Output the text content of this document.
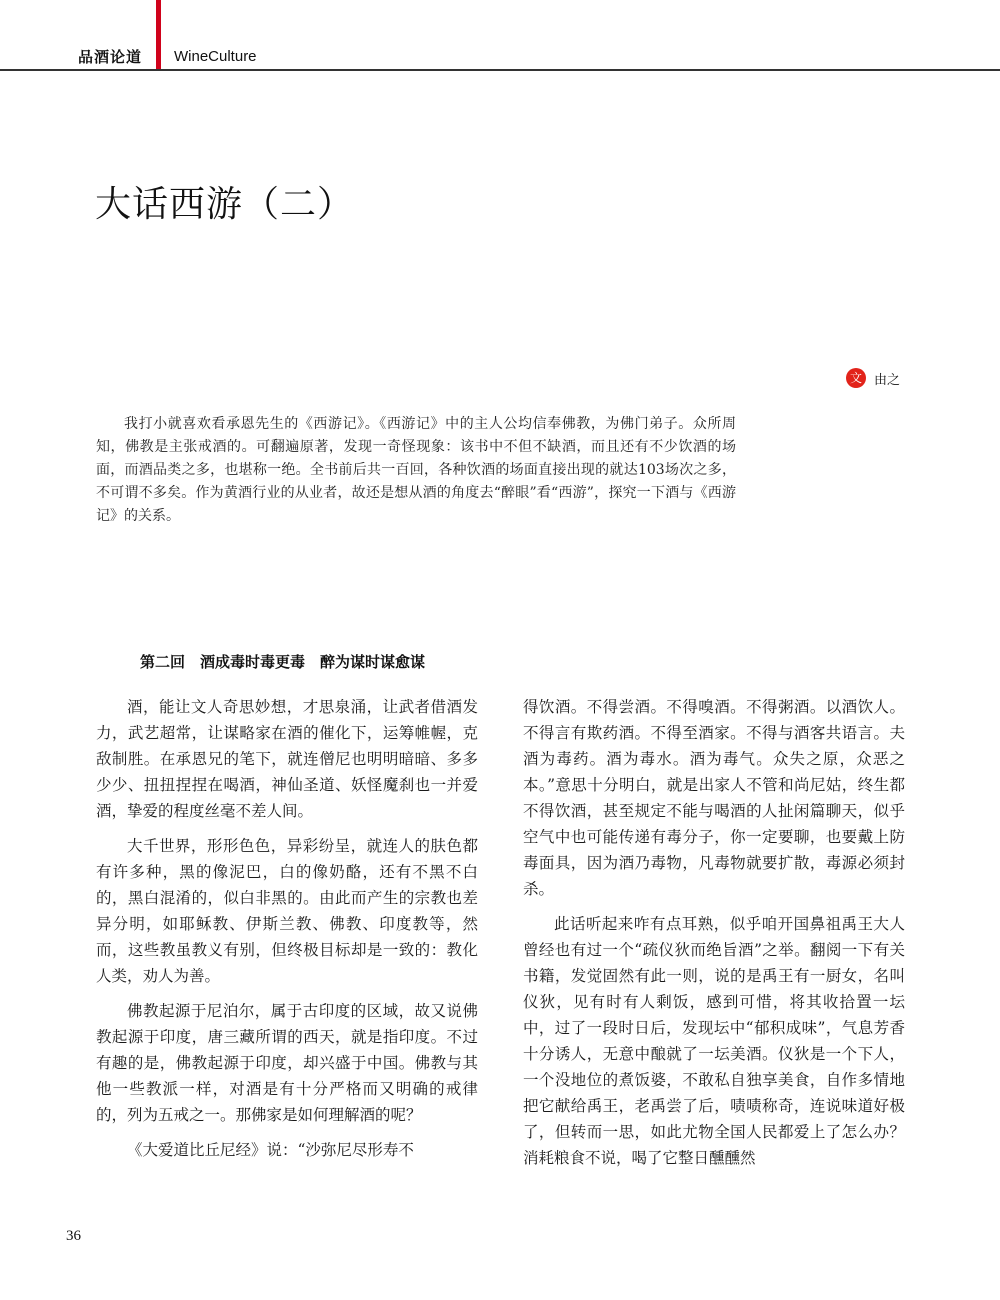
品酒论道 WineCulture
大话西游（二）
文 由之

我打小就喜欢看承恩先生的《西游记》。《西游记》中的主人公均信奉佛教，为佛门弟子。众所周知，佛教是主张戒酒的。可翻遍原著，发现一奇怪现象：该书中不但不缺酒，而且还有不少饮酒的场面，而酒品类之多，也堪称一绝。全书前后共一百回，各种饮酒的场面直接出现的就达103场次之多，不可谓不多矣。作为黄酒行业的从业者，故还是想从酒的角度去“醉眼”看“西游”，探究一下酒与《西游记》的关系。

第二回　酒成毒时毒更毒　醉为谋时谋愈谋

酒，能让文人奇思妙想，才思泉涌，让武者借酒发力，武艺超常，让谋略家在酒的催化下，运筹帷幄，克敌制胜。在承恩兄的笔下，就连僧尼也明明暗暗、多多少少、扭扭捏捏在喝酒，神仙圣道、妖怪魔刹也一并爱酒，挚爱的程度丝毫不差人间。

大千世界，形形色色，异彩纷呈，就连人的肤色都有许多种，黑的像泥巴，白的像奶酪，还有不黑不白的，黑白混淆的，似白非黑的。由此而产生的宗教也差异分明，如耶稣教、伊斯兰教、佛教、印度教等，然而，这些教虽教义有别，但终极目标却是一致的：教化人类，劝人为善。

佛教起源于尼泊尔，属于古印度的区域，故又说佛教起源于印度，唐三藏所谓的西天，就是指印度。不过有趣的是，佛教起源于印度，却兴盛于中国。佛教与其他一些教派一样，对酒是有十分严格而又明确的戒律的，列为五戒之一。那佛家是如何理解酒的呢？

《大爱道比丘尼经》说：“沙弥尼尽形寿不

得饮酒。不得尝酒。不得嗅酒。不得粥酒。以酒饮人。不得言有欺药酒。不得至酒家。不得与酒客共语言。夫酒为毒药。酒为毒水。酒为毒气。众失之原，众恶之本。”意思十分明白，就是出家人不管和尚尼姑，终生都不得饮酒，甚至规定不能与喝酒的人扯闲篇聊天，似乎空气中也可能传递有毒分子，你一定要聊，也要戴上防毒面具，因为酒乃毒物，凡毒物就要扩散，毒源必须封杀。

此话听起来咋有点耳熟，似乎咱开国鼻祖禹王大人曾经也有过一个“疏仪狄而绝旨酒”之举。翻阅一下有关书籍，发觉固然有此一则，说的是禹王有一厨女，名叫仪狄，见有时有人剩饭，感到可惜，将其收拾置一坛中，过了一段时日后，发现坛中“郁积成味”，气息芳香十分诱人，无意中酿就了一坛美酒。仪狄是一个下人，一个没地位的煮饭婆，不敢私自独享美食，自作多情地把它献给禹王，老禹尝了后，啧啧称奇，连说味道好极了，但转而一思，如此尤物全国人民都爱上了怎么办？消耗粮食不说，喝了它整日醺醺然

36
